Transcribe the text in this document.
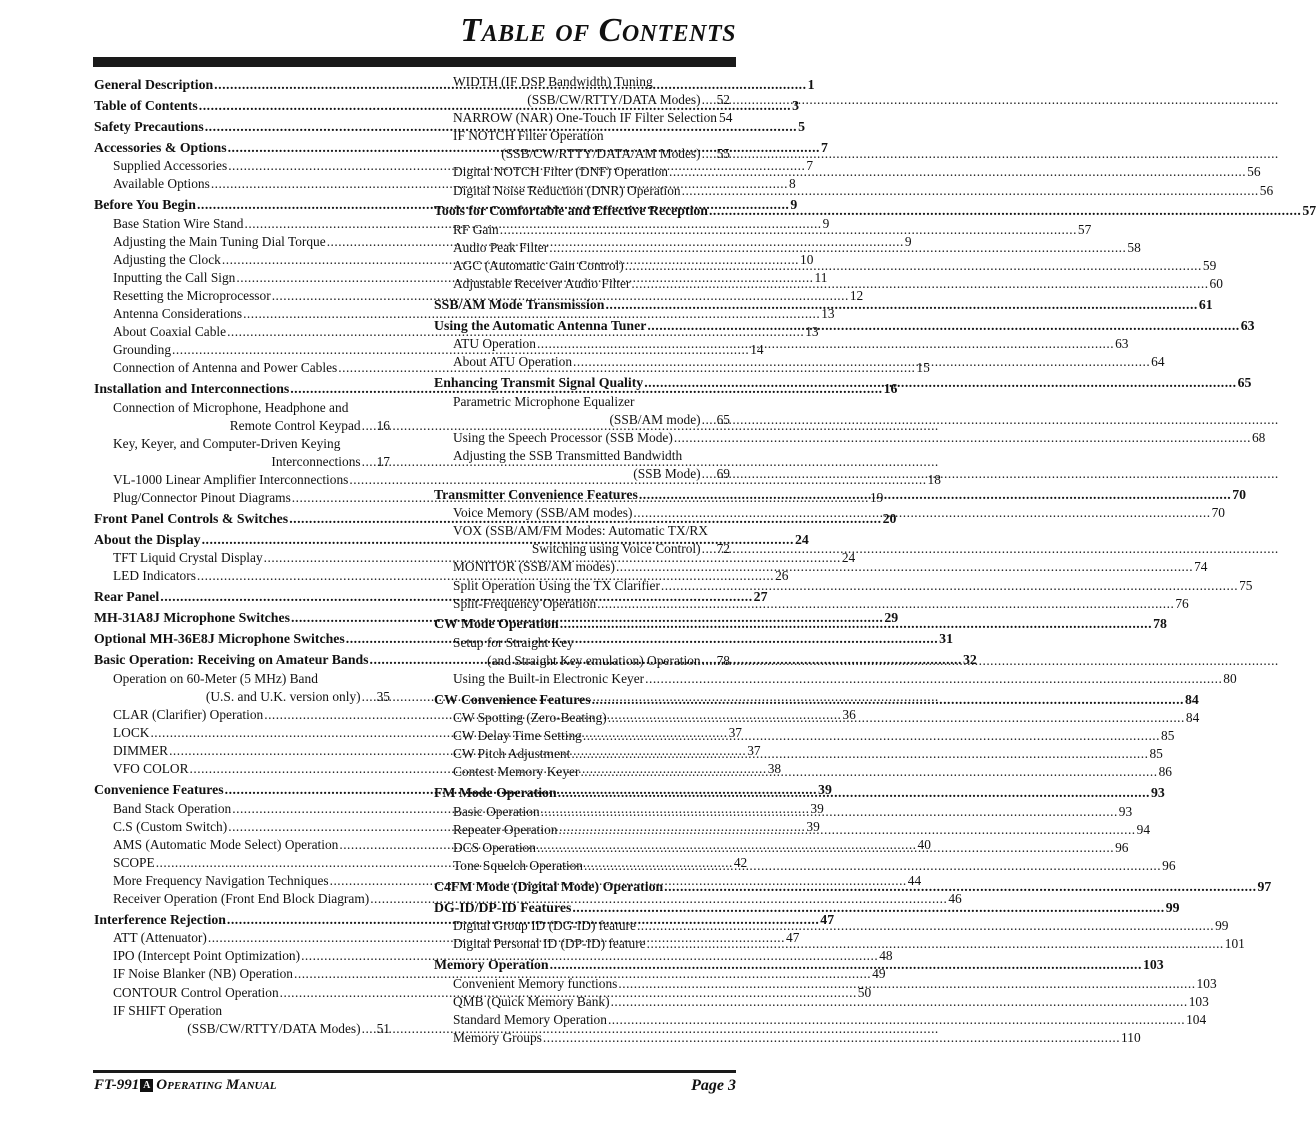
Table of Contents
General Description .....	1
Table of Contents .....	3
Safety Precautions .....	5
Accessories & Options .....	7
Supplied Accessories .....	7
Available Options .....	8
Before You Begin .....	9
Base Station Wire Stand .....	9
Adjusting the Main Tuning Dial Torque .....	9
Adjusting the Clock .....	10
Inputting the Call Sign .....	11
Resetting the Microprocessor .....	12
Antenna Considerations .....	13
About Coaxial Cable .....	13
Grounding .....	14
Connection of Antenna and Power Cables .....	15
Installation and Interconnections .....	16
Connection of Microphone, Headphone and
Remote Control Keypad ..... 16
Key, Keyer, and Computer-Driven Keying
Interconnections ..... 17
VL-1000 Linear Amplifier Interconnections .....	18
Plug/Connector Pinout Diagrams .....	19
Front Panel Controls & Switches .....	20
About the Display .....	24
TFT Liquid Crystal Display .....	24
LED Indicators .....	26
Rear Panel .....	27
MH-31A8J Microphone Switches .....	29
Optional MH-36E8J Microphone Switches .....	31
Basic Operation: Receiving on Amateur Bands .....	32
Operation on 60-Meter (5 MHz) Band
(U.S. and U.K. version only) ..... 35
CLAR (Clarifier) Operation .....	36
LOCK .....	37
DIMMER .....	37
VFO COLOR .....	38
Convenience Features .....	39
Band Stack Operation .....	39
C.S (Custom Switch) .....	39
AMS (Automatic Mode Select) Operation .....	40
SCOPE .....	42
More Frequency Navigation Techniques .....	44
Receiver Operation (Front End Block Diagram) .....	46
Interference Rejection .....	47
ATT (Attenuator) .....	47
IPO (Intercept Point Optimization) .....	48
IF Noise Blanker (NB) Operation .....	49
CONTOUR Control Operation .....	50
IF SHIFT Operation
(SSB/CW/RTTY/DATA Modes) ..... 51
WIDTH (IF DSP Bandwidth) Tuning
(SSB/CW/RTTY/DATA Modes) ..... 52
NARROW (NAR) One-Touch IF Filter Selection 54
IF NOTCH Filter Operation
(SSB/CW/RTTY/DATA/AM Modes) ..... 55
Digital NOTCH Filter (DNF) Operation .....	56
Digital Noise Reduction (DNR) Operation .....	56
Tools for Comfortable and Effective Reception .....	57
RF Gain .....	57
Audio Peak Filter .....	58
AGC (Automatic Gain Control) .....	59
Adjustable Receiver Audio Filter .....	60
SSB/AM Mode Transmission .....	61
Using the Automatic Antenna Tuner .....	63
ATU Operation .....	63
About ATU Operation .....	64
Enhancing Transmit Signal Quality .....	65
Parametric Microphone Equalizer
(SSB/AM mode) ..... 65
Using the Speech Processor (SSB Mode) .....	68
Adjusting the SSB Transmitted Bandwidth
(SSB Mode) ..... 69
Transmitter Convenience Features .....	70
Voice Memory (SSB/AM modes) .....	70
VOX (SSB/AM/FM Modes: Automatic TX/RX
Switching using Voice Control) ..... 72
MONITOR (SSB/AM modes) .....	74
Split Operation Using the TX Clarifier .....	75
Split-Frequency Operation .....	76
CW Mode Operation .....	78
Setup for Straight Key
(and Straight Key emulation) Operation ..... 78
Using the Built-in Electronic Keyer .....	80
CW Convenience Features .....	84
CW Spotting (Zero-Beating) .....	84
CW Delay Time Setting .....	85
CW Pitch Adjustment .....	85
Contest Memory Keyer .....	86
FM Mode Operation .....	93
Basic Operation .....	93
Repeater Operation .....	94
DCS Operation .....	96
Tone Squelch Operation .....	96
C4FM Mode (Digital Mode) Operation .....	97
DG-ID/DP-ID Features .....	99
Digital Group ID (DG-ID) feature .....	99
Digital Personal ID (DP-ID) feature .....	101
Memory Operation .....	103
Convenient Memory functions .....	103
QMB (Quick Memory Bank) .....	103
Standard Memory Operation .....	104
Memory Groups .....	110
FT-991 A Operating Manual	Page 3
